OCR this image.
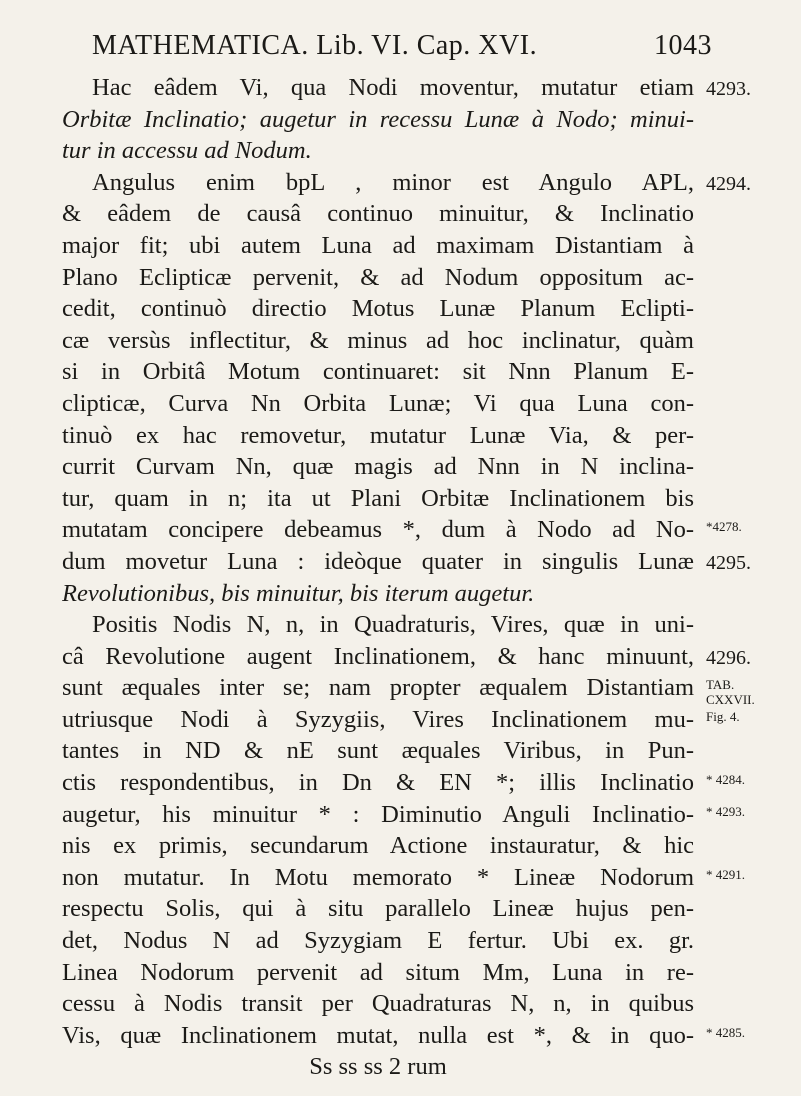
MATHEMATICA. Lib. VI. Cap. XVI.	1043
Hac eâdem Vi, qua Nodi moventur, mutatur etiam
Orbitæ Inclinatio; augetur in recessu Lunæ à Nodo; minui-
tur in accessu ad Nodum.
Angulus enim bpL , minor est Angulo APL,
& eâdem de causâ continuo minuitur, & Inclinatio
major fit; ubi autem Luna ad maximam Distantiam à
Plano Eclipticæ pervenit, & ad Nodum oppositum ac-
cedit, continuò directio Motus Lunæ Planum Eclipti-
cæ versùs inflectitur, & minus ad hoc inclinatur, quàm
si in Orbitâ Motum continuaret: sit Nnn Planum E-
clipticæ, Curva Nn Orbita Lunæ; Vi qua Luna con-
tinuò ex hac removetur, mutatur Lunæ Via, & per-
currit Curvam Nn, quæ magis ad Nnn in N inclina-
tur, quam in n; ita ut Plani Orbitæ Inclinationem bis
mutatam concipere debeamus *, dum à Nodo ad No-
dum movetur Luna : ideòque quater in singulis Lunæ
Revolutionibus, bis minuitur, bis iterum augetur.
Positis Nodis N, n, in Quadraturis, Vires, quæ in uni-
câ Revolutione augent Inclinationem, & hanc minuunt,
sunt æquales inter se; nam propter æqualem Distantiam
utriusque Nodi à Syzygiis, Vires Inclinationem mu-
tantes in ND & nE sunt æquales Viribus, in Pun-
ctis respondentibus, in Dn & EN *; illis Inclinatio
augetur, his minuitur * : Diminutio Anguli Inclinatio-
nis ex primis, secundarum Actione instauratur, & hic
non mutatur. In Motu memorato * Lineæ Nodorum
respectu Solis, qui à situ parallelo Lineæ hujus pen-
det, Nodus N ad Syzygiam E fertur. Ubi ex. gr.
Linea Nodorum pervenit ad situm Mm, Luna in re-
cessu à Nodis transit per Quadraturas N, n, in quibus
Vis, quæ Inclinationem mutat, nulla est *, & in quo-
Ss ss ss 2 rum
4293.
4294.
*4278.
4295.
4296.
TAB.
CXXVII.
Fig. 4.
* 4284.
* 4293.
* 4291.
* 4285.
